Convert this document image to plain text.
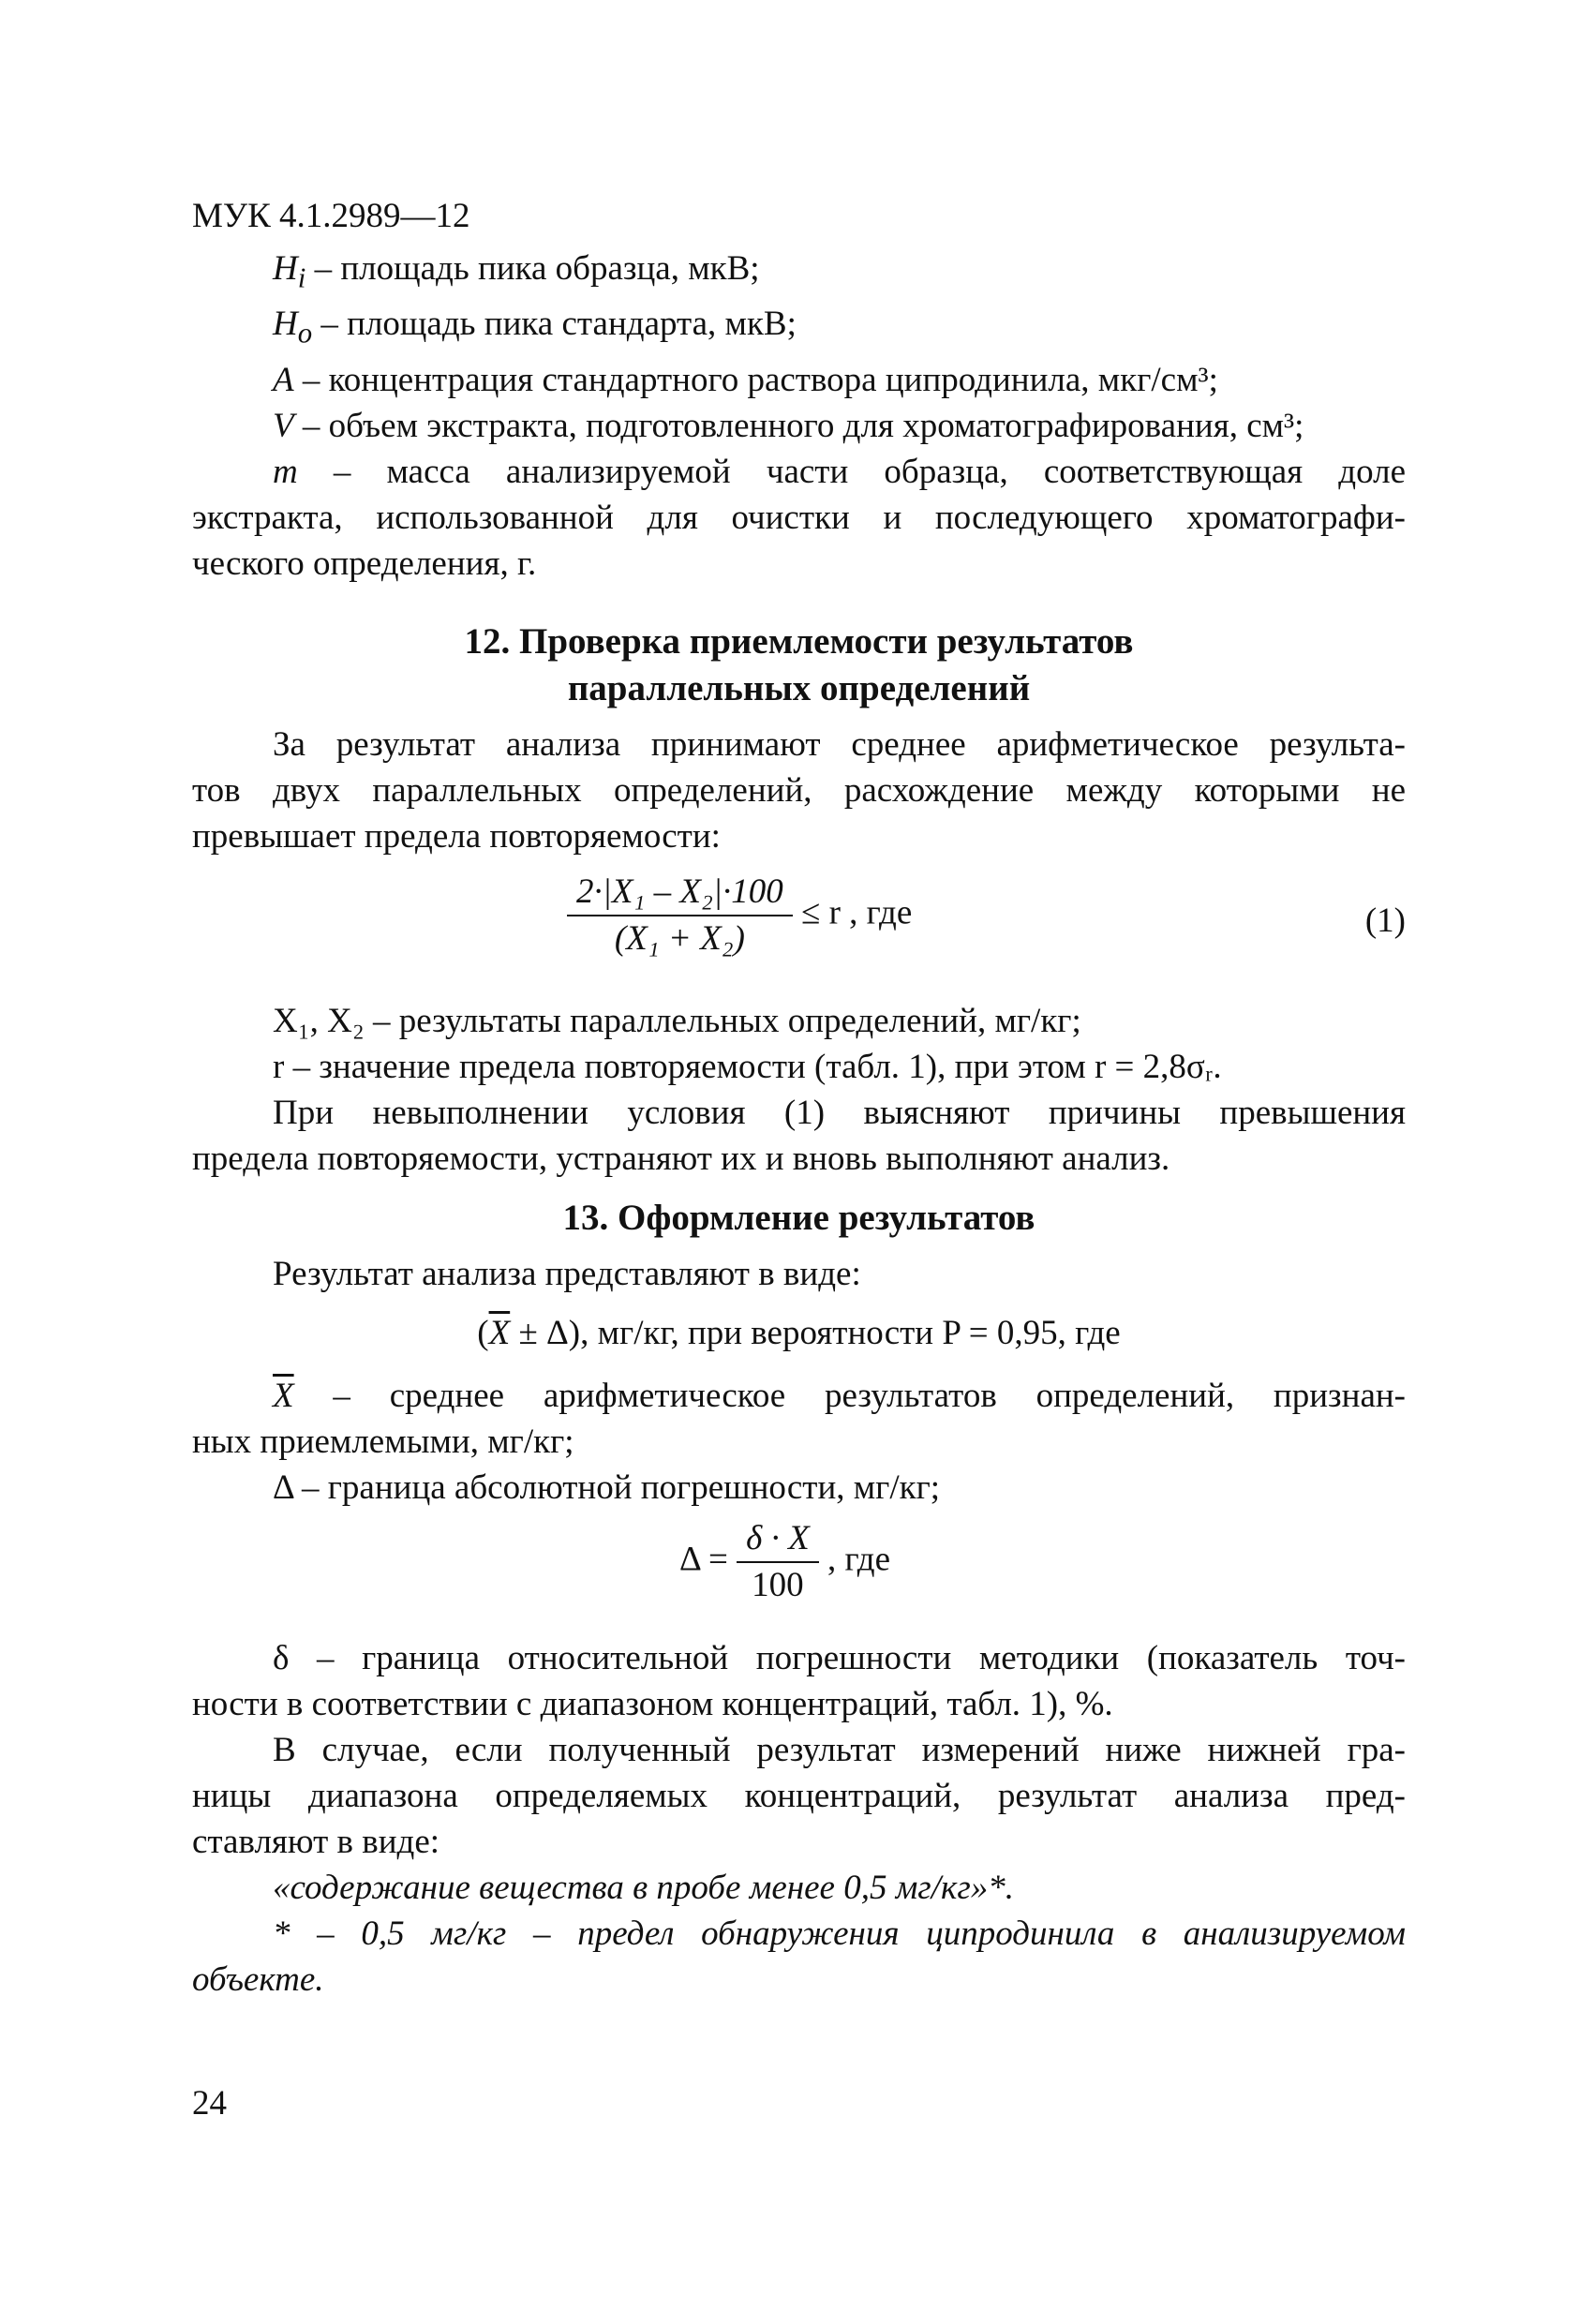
МУК 4.1.2989—12

$H_i$ – площадь пика образца, мкВ;

$H_o$ – площадь пика стандарта, мкВ;

A – концентрация стандартного раствора ципродинила, мкг/см³;

V – объем экстракта, подготовленного для хроматографирования, см³;

m – масса анализируемой части образца, соответствующая доле

экстракта, использованной для очистки и последующего хроматографи-

ческого определения, г.

12. Проверка приемлемости результатов
параллельных определений

За результат анализа принимают среднее арифметическое результа-

тов двух параллельных определений, расхождение между которыми не

превышает предела повторяемости:

$\frac{\text{2·|X₁ – X₂|·100}}{\text{(X₁ + X₂)}} \le r$ , где	(1)

X₁, X₂ – результаты параллельных определений, мг/кг;

r – значение предела повторяемости (табл. 1), при этом r = 2,8σᵣ.

При невыполнении условия (1) выясняют причины превышения

предела повторяемости, устраняют их и вновь выполняют анализ.

13. Оформление результатов

Результат анализа представляют в виде:

$(\overline{X} \pm \Delta)$, мг/кг, при вероятности P = 0,95, где

$\overline{X}$ – среднее арифметическое результатов определений, признан-

ных приемлемыми, мг/кг;

Δ – граница абсолютной погрешности, мг/кг;

$\Delta = \frac{\delta \cdot X}{100}$ , где

δ – граница относительной погрешности методики (показатель точ-

ности в соответствии с диапазоном концентраций, табл. 1), %.

В случае, если полученный результат измерений ниже нижней гра-

ницы диапазона определяемых концентраций, результат анализа пред-

ставляют в виде:

«содержание вещества в пробе менее 0,5 мг/кг»*.

* – 0,5 мг/кг – предел обнаружения ципродинила в анализируемом

объекте.

24
